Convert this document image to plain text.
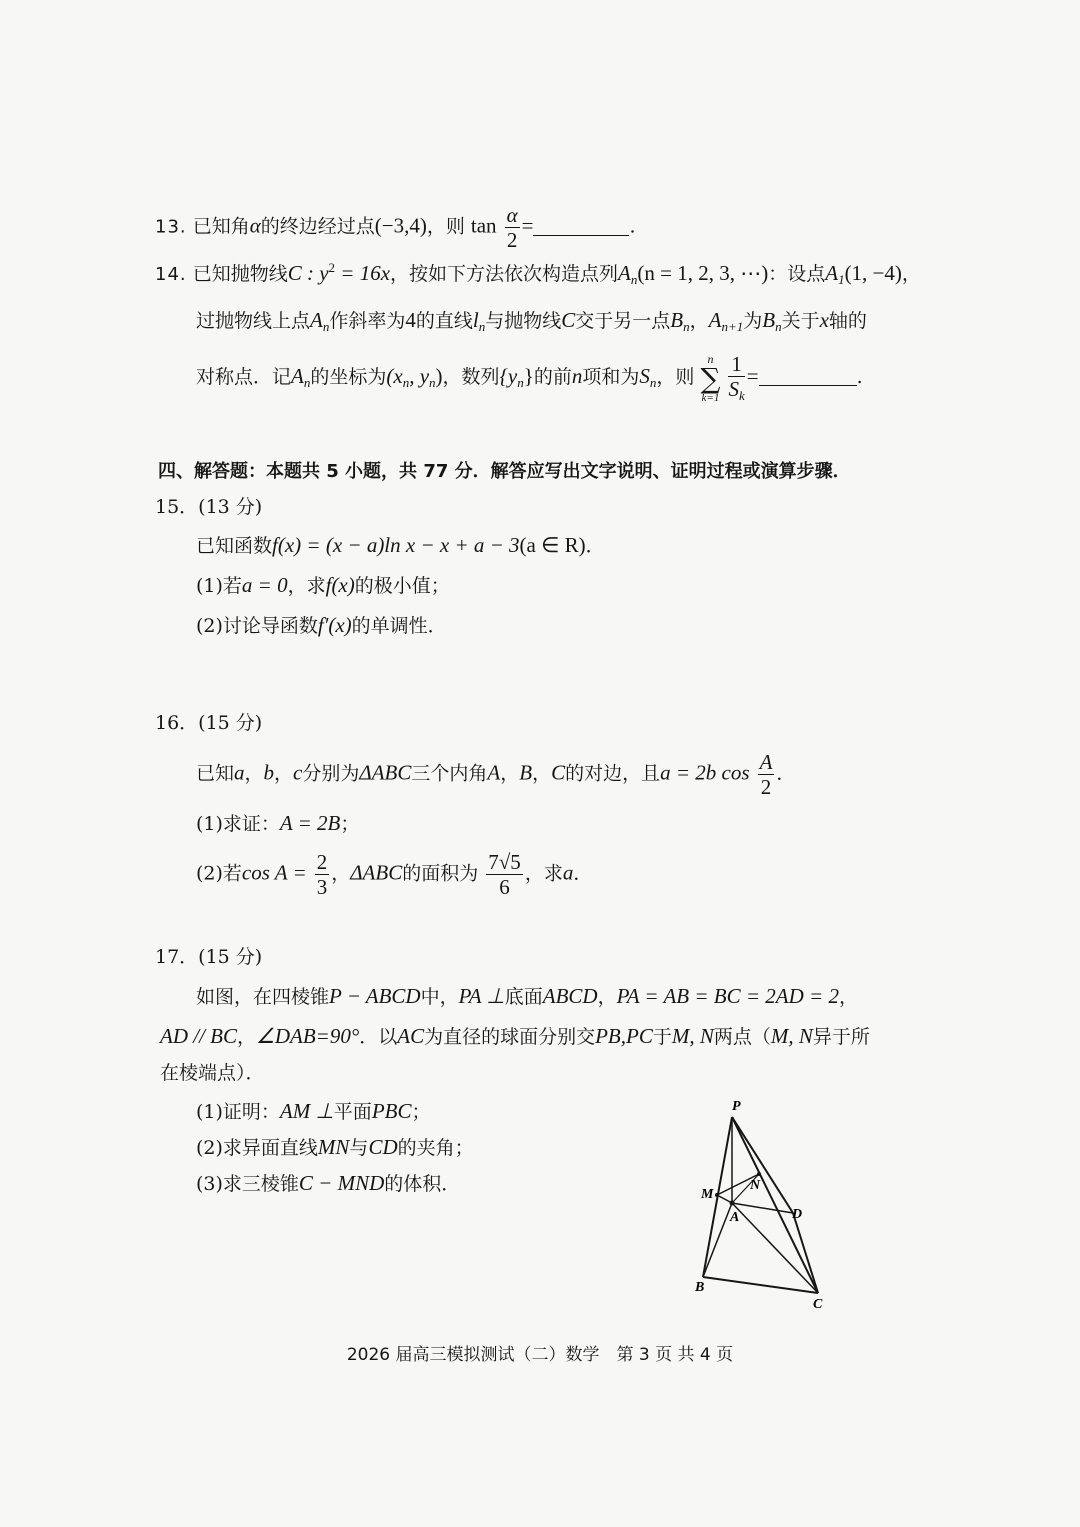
13. 已知角α的终边经过点(−3,4)，则 $\tan \frac{\alpha}{2}$ =	.
14. 已知抛物线C : $y^2 = 16x$，按如下方法依次构造点列$A_n(n = 1$, 2, 3, ⋯)：设点$A_1(1$, −4)，
过抛物线上点$A_n$作斜率为4的直线$l_n$与抛物线C交于另一点$B_n$，$A_{n+1}$为$B_n$关于x轴的
对称点．记$A_n$的坐标为($x_n$, $y_n$)，数列$\{y_n\}$的前n项和为$S_n$，则
n
∑
k=1
$\frac{1}{S_k}$ =	.
四、解答题：本题共 5 小题，共 77 分．解答应写出文字说明、证明过程或演算步骤．
15．(13 分)
已知函数f(x) = (x − a)ln x − x + a − 3(a ∈ R)．
(1)若a = 0，求f(x)的极小值；
(2)讨论导函数f′(x)的单调性．
16．(15 分)
已知a，b，c分别为ΔABC三个内角A，B，C的对边，且a = 2b $\cos \frac{A}{2}$ ．
(1)求证：A = 2B；
(2)若$\cos A = \frac{2}{3}$ ，ΔABC的面积为 $\frac{7√5}{6}$ ，求a．
17．(15 分)
如图，在四棱锥P − ABCD中，PA ⊥底面ABCD，PA = AB = BC = 2AD = 2，
AD // BC，∠DAB=90°．以AC为直径的球面分别交PB,PC于M, N两点（M, N异于所
在棱端点）．
(1)证明：AM ⊥平面PBC；
(2)求异面直线MN与CD的夹角；
(3)求三棱锥C − MND的体积．
P
M
N
A	D
B
C
2026 届高三模拟测试（二）数学　第 3 页 共 4 页
